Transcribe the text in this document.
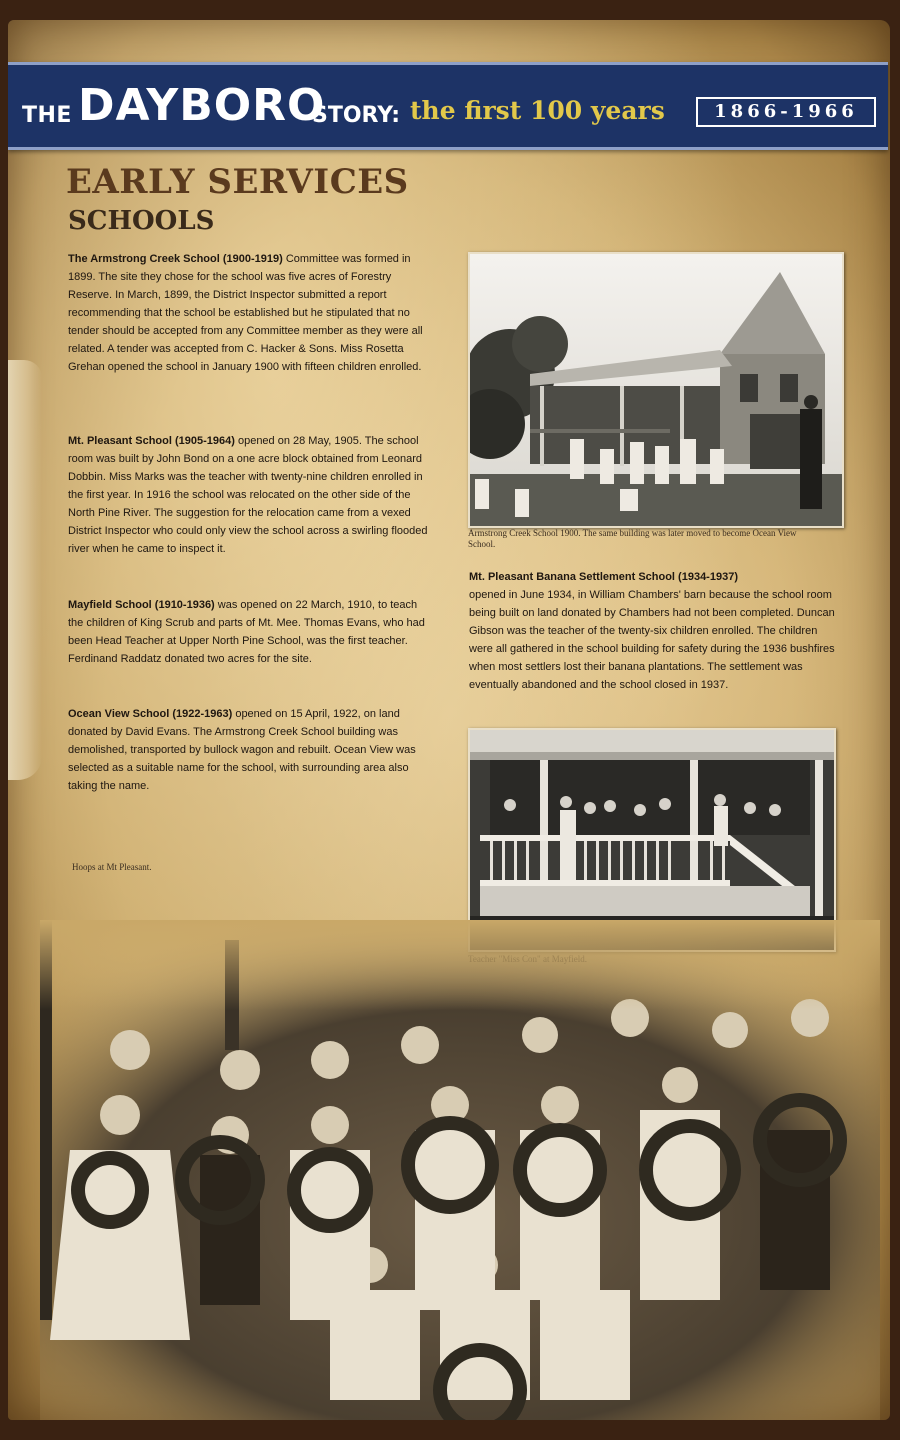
THE DAYBORO
STORY: the first 100 years	1866-1966
EARLY SERVICES
SCHOOLS
The Armstrong Creek School (1900-1919) Committee was formed in 1899. The site they chose for the school was five acres of Forestry Reserve. In March, 1899, the District Inspector submitted a report recommending that the school be established but he stipulated that no tender should be accepted from any Committee member as they were all related. A tender was accepted from C. Hacker & Sons. Miss Rosetta Grehan opened the school in January 1900 with fifteen children enrolled.
Mt. Pleasant School (1905-1964) opened on 28 May, 1905. The school room was built by John Bond on a one acre block obtained from Leonard Dobbin. Miss Marks was the teacher with twenty-nine children enrolled in the first year. In 1916 the school was relocated on the other side of the North Pine River. The suggestion for the relocation came from a vexed District Inspector who could only view the school across a swirling flooded river when he came to inspect it.
Mayfield School (1910-1936) was opened on 22 March, 1910, to teach the children of King Scrub and parts of Mt. Mee. Thomas Evans, who had been Head Teacher at Upper North Pine School, was the first teacher. Ferdinand Raddatz donated two acres for the site.
Ocean View School (1922-1963) opened on 15 April, 1922, on land donated by David Evans. The Armstrong Creek School building was demolished, transported by bullock wagon and rebuilt. Ocean View was selected as a suitable name for the school, with surrounding area also taking the name.
Hoops at Mt Pleasant.
Armstrong Creek School 1900. The same building was later moved to become Ocean View School.
Mt. Pleasant Banana Settlement School (1934-1937)
opened in June 1934, in William Chambers' barn because the school room being built on land donated by Chambers had not been completed. Duncan Gibson was the teacher of the twenty-six children enrolled. The children were all gathered in the school building for safety during the 1936 bushfires when most settlers lost their banana plantations. The settlement was eventually abandoned and the school closed in 1937.
